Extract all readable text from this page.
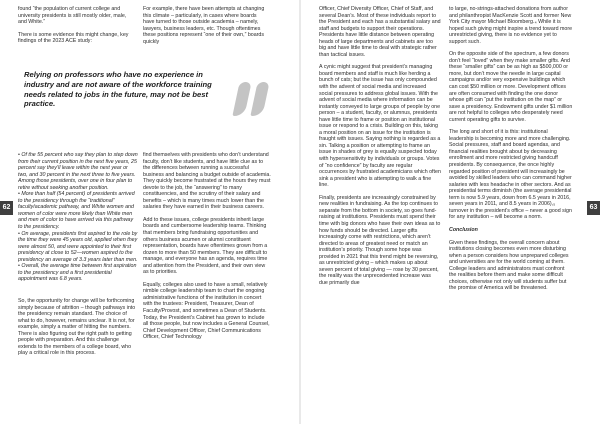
found “the population of current college and university presidents is still mostly older, male, and White.”

There is some evidence this might change, key findings of the 2023 ACE study:

For example, there have been attempts at changing this climate – particularly, in cases where boards have turned to those outside academia – namely, lawyers, business leaders, etc. Though oftentimes these positions represent “one of their own,” boards quickly

Relying on professors who have no experience in industry and are not aware of the workforce training needs related to jobs in the future, may not be best practice.

• Of the 55 percent who say they plan to step down from their current position in the next five years, 25 percent say they’ll leave within the next year or two, and 30 percent in the next three to five years. Among those presidents, over one in four plan to retire without seeking another position.

• More than half (54 percent) of presidents arrived to the presidency through the “traditional” faculty/academic pathway, and White women and women of color were more likely than White men and men of color to have arrived via this pathway to the presidency.

• On average, presidents first aspired to the role by the time they were 45 years old, applied when they were almost 50, and were appointed to their first presidency at close to 52—women aspired to the presidency an average of 3.3 years later than men.

• Overall, the average time between first aspiration to the presidency and a first presidential appointment was 6.8 years.

So, the opportunity for change will be forthcoming simply because of attrition – though pathways into the presidency remain standard. The choice of what to do, however, remains unclear. It is not, for example, simply a matter of hitting the numbers. There is also figuring out the right path to getting people with preparation. And this challenge extends to the members of a college board, who play a critical role in this process.

find themselves with presidents who don’t understand faculty, don’t like students, and have little clue as to the differences between running a successful business and balancing a budget outside of academia. They quickly become frustrated at the hours they must devote to the job, the “answering” to many constituencies, and the scrutiny of their salary and benefits – which is many times much lower than the salaries they have earned in their business careers.

Add to these issues, college presidents inherit large boards and cumbersome leadership teams. Thinking that members bring fundraising opportunities and others business acumen or alumni constituent representation, boards have oftentimes grown from a dozen to more than 50 members. They are difficult to manage, and everyone has an agenda, requires time and attention from the President, and their own view as to priorities.

Equally, colleges also used to have a small, relatively nimble college leadership team to chart the ongoing administrative functions of the institution in concert with the trustees: President, Treasurer, Dean of Faculty/Provost, and sometimes a Dean of Students. Today, the President’s Cabinet has grown to include all those people, but now includes a General Counsel, Chief Development Officer, Chief Communications Officer, Chief Technology

62

Officer, Chief Diversity Officer, Chief of Staff, and several Dean’s. Most of these individuals report to the President and each has a substantial salary and staff and budgets to support their operations. Presidents have little distance between operating heads of large departments and cabinets are too big and have little time to deal with strategic rather than tactical issues.

A cynic might suggest that president’s managing board members and staff is much like herding a bunch of cats; but the issue has only compounded with the advent of social media and increased social pressures to address global issues. With the advent of social media where information can be instantly conveyed to large groups of people by one person – a student, faculty, or alumnus, presidents have little time to frame or position an institutional issue or respond to a crisis. Building on this, taking a moral position on an issue for the institution is fraught with issues. Saying nothing is regarded as a sin. Talking a position or attempting to frame an issue in shades of grey is equally suspected today with hypersensitivity by individuals or groups. Votes of “no confidence” by faculty are regular occurrences by frustrated academicians which often sink a president who is attempting to walk a fine line.

Finally, presidents are increasingly constrained by new realities in fundraising. As the top continues to separate from the bottom in society, so goes fund-raising at institutions. Presidents must spend their time with big donors who have their own ideas as to how funds should be directed. Larger gifts increasingly come with restrictions, which aren’t directed to areas of greatest need or match an institution’s priority. Though some hope was provided in 2021 that this trend might be reversing, as unrestricted giving – which makes up about seven percent of total giving — rose by 30 percent, the reality was the unprecedented increase was due primarily due

to large, no-strings-attached donations from author and philanthropist MacKenzie Scott and former New York City mayor Michael Bloomberg.₄ While it is hoped such giving might inspire a trend toward more unrestricted giving, there is no evidence yet to support such.

On the opposite side of the spectrum, a few donors don’t feel “loved” when they make smaller gifts. And these “smaller gifts” can be as high as $500,000 or more, but don’t move the needle in large capital campaigns and/or very expensive buildings which can cost $50 million or more. Development offices are often consumed with finding the one donor whose gift can “put the institution on the map” or save a presidency. Endowment gifts under $1 million are not helpful to colleges who desperately need current operating gifts to survive.

The long and short of it is this: institutional leadership is becoming more and more challenging. Social pressures, staff and board agendas, and financial realities brought about by decreasing enrollment and more restricted giving handcuff presidents. By consequence, the once highly regarded position of president will increasingly be avoided by skilled leaders who can command higher salaries with less headache in other sectors. And as presidential terms diminish (the average presidential term is now 5.9 years, down from 6.5 years in 2016, seven years in 2011, and 8.5 years in 2006),₅ turnover in the president’s office – never a good sign for any institution – will become a norm.

Conclusion

Given these findings, the overall concern about institutions closing becomes even more disturbing when a person considers how unprepared colleges and universities are for the world coming at them. College leaders and administrators must confront the realities before them and make some difficult choices, otherwise not only will students suffer but the promise of America will be threatened.

63
